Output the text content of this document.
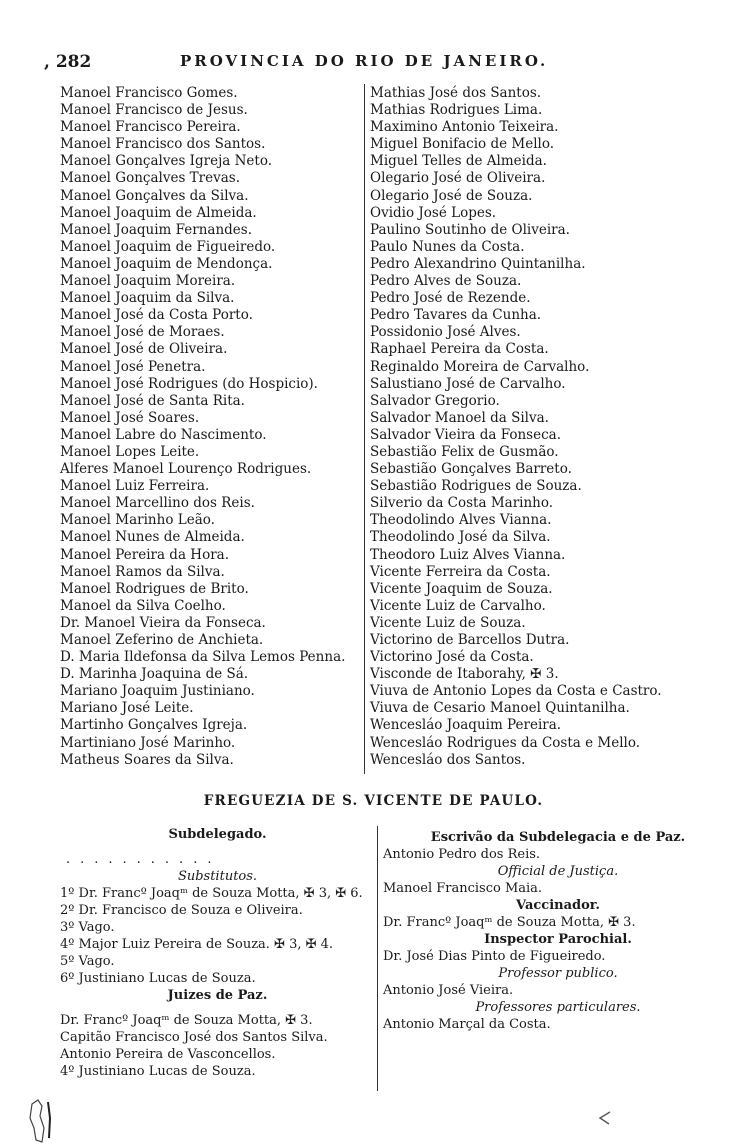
, 282	PROVINCIA DO RIO DE JANEIRO.
Manoel Francisco Gomes.
Manoel Francisco de Jesus.
Manoel Francisco Pereira.
Manoel Francisco dos Santos.
Manoel Gonçalves Igreja Neto.
Manoel Gonçalves Trevas.
Manoel Gonçalves da Silva.
Manoel Joaquim de Almeida.
Manoel Joaquim Fernandes.
Manoel Joaquim de Figueiredo.
Manoel Joaquim de Mendonça.
Manoel Joaquim Moreira.
Manoel Joaquim da Silva.
Manoel José da Costa Porto.
Manoel José de Moraes.
Manoel José de Oliveira.
Manoel José Penetra.
Manoel José Rodrigues (do Hospicio).
Manoel José de Santa Rita.
Manoel José Soares.
Manoel Labre do Nascimento.
Manoel Lopes Leite.
Alferes Manoel Lourenço Rodrigues.
Manoel Luiz Ferreira.
Manoel Marcellino dos Reis.
Manoel Marinho Leão.
Manoel Nunes de Almeida.
Manoel Pereira da Hora.
Manoel Ramos da Silva.
Manoel Rodrigues de Brito.
Manoel da Silva Coelho.
Dr. Manoel Vieira da Fonseca.
Manoel Zeferino de Anchieta.
D. Maria Ildefonsa da Silva Lemos Penna.
D. Marinha Joaquina de Sá.
Mariano Joaquim Justiniano.
Mariano José Leite.
Martinho Gonçalves Igreja.
Martiniano José Marinho.
Matheus Soares da Silva.
Mathias José dos Santos.
Mathias Rodrigues Lima.
Maximino Antonio Teixeira.
Miguel Bonifacio de Mello.
Miguel Telles de Almeida.
Olegario José de Oliveira.
Olegario José de Souza.
Ovidio José Lopes.
Paulino Soutinho de Oliveira.
Paulo Nunes da Costa.
Pedro Alexandrino Quintanilha.
Pedro Alves de Souza.
Pedro José de Rezende.
Pedro Tavares da Cunha.
Possidonio José Alves.
Raphael Pereira da Costa.
Reginaldo Moreira de Carvalho.
Salustiano José de Carvalho.
Salvador Gregorio.
Salvador Manoel da Silva.
Salvador Vieira da Fonseca.
Sebastião Felix de Gusmão.
Sebastião Gonçalves Barreto.
Sebastião Rodrigues de Souza.
Silverio da Costa Marinho.
Theodolindo Alves Vianna.
Theodolindo José da Silva.
Theodoro Luiz Alves Vianna.
Vicente Ferreira da Costa.
Vicente Joaquim de Souza.
Vicente Luiz de Carvalho.
Vicente Luiz de Souza.
Victorino de Barcellos Dutra.
Victorino José da Costa.
Visconde de Itaborahy, ✠ 3.
Viuva de Antonio Lopes da Costa e Castro.
Viuva de Cesario Manoel Quintanilha.
Wencesláo Joaquim Pereira.
Wencesláo Rodrigues da Costa e Mello.
Wencesláo dos Santos.
FREGUEZIA DE S. VICENTE DE PAULO.
Subdelegado.
...........
Substitutos.
1º Dr. Francº Joaqᵐ de Souza Motta, ✠ 3, ✠ 6.
2º Dr. Francisco de Souza e Oliveira.
3º Vago.
4º Major Luiz Pereira de Souza. ✠ 3, ✠ 4.
5º Vago.
6º Justiniano Lucas de Souza.
Juizes de Paz.
Dr. Francº Joaqᵐ de Souza Motta, ✠ 3.
Capitão Francisco José dos Santos Silva.
Antonio Pereira de Vasconcellos.
4º Justiniano Lucas de Souza.
Escrivão da Subdelegacia e de Paz.
Antonio Pedro dos Reis.
Official de Justiça.
Manoel Francisco Maia.
Vaccinador.
Dr. Francº Joaqᵐ de Souza Motta, ✠ 3.
Inspector Parochial.
Dr. José Dias Pinto de Figueiredo.
Professor publico.
Antonio José Vieira.
Professores particulares.
Antonio Marçal da Costa.
